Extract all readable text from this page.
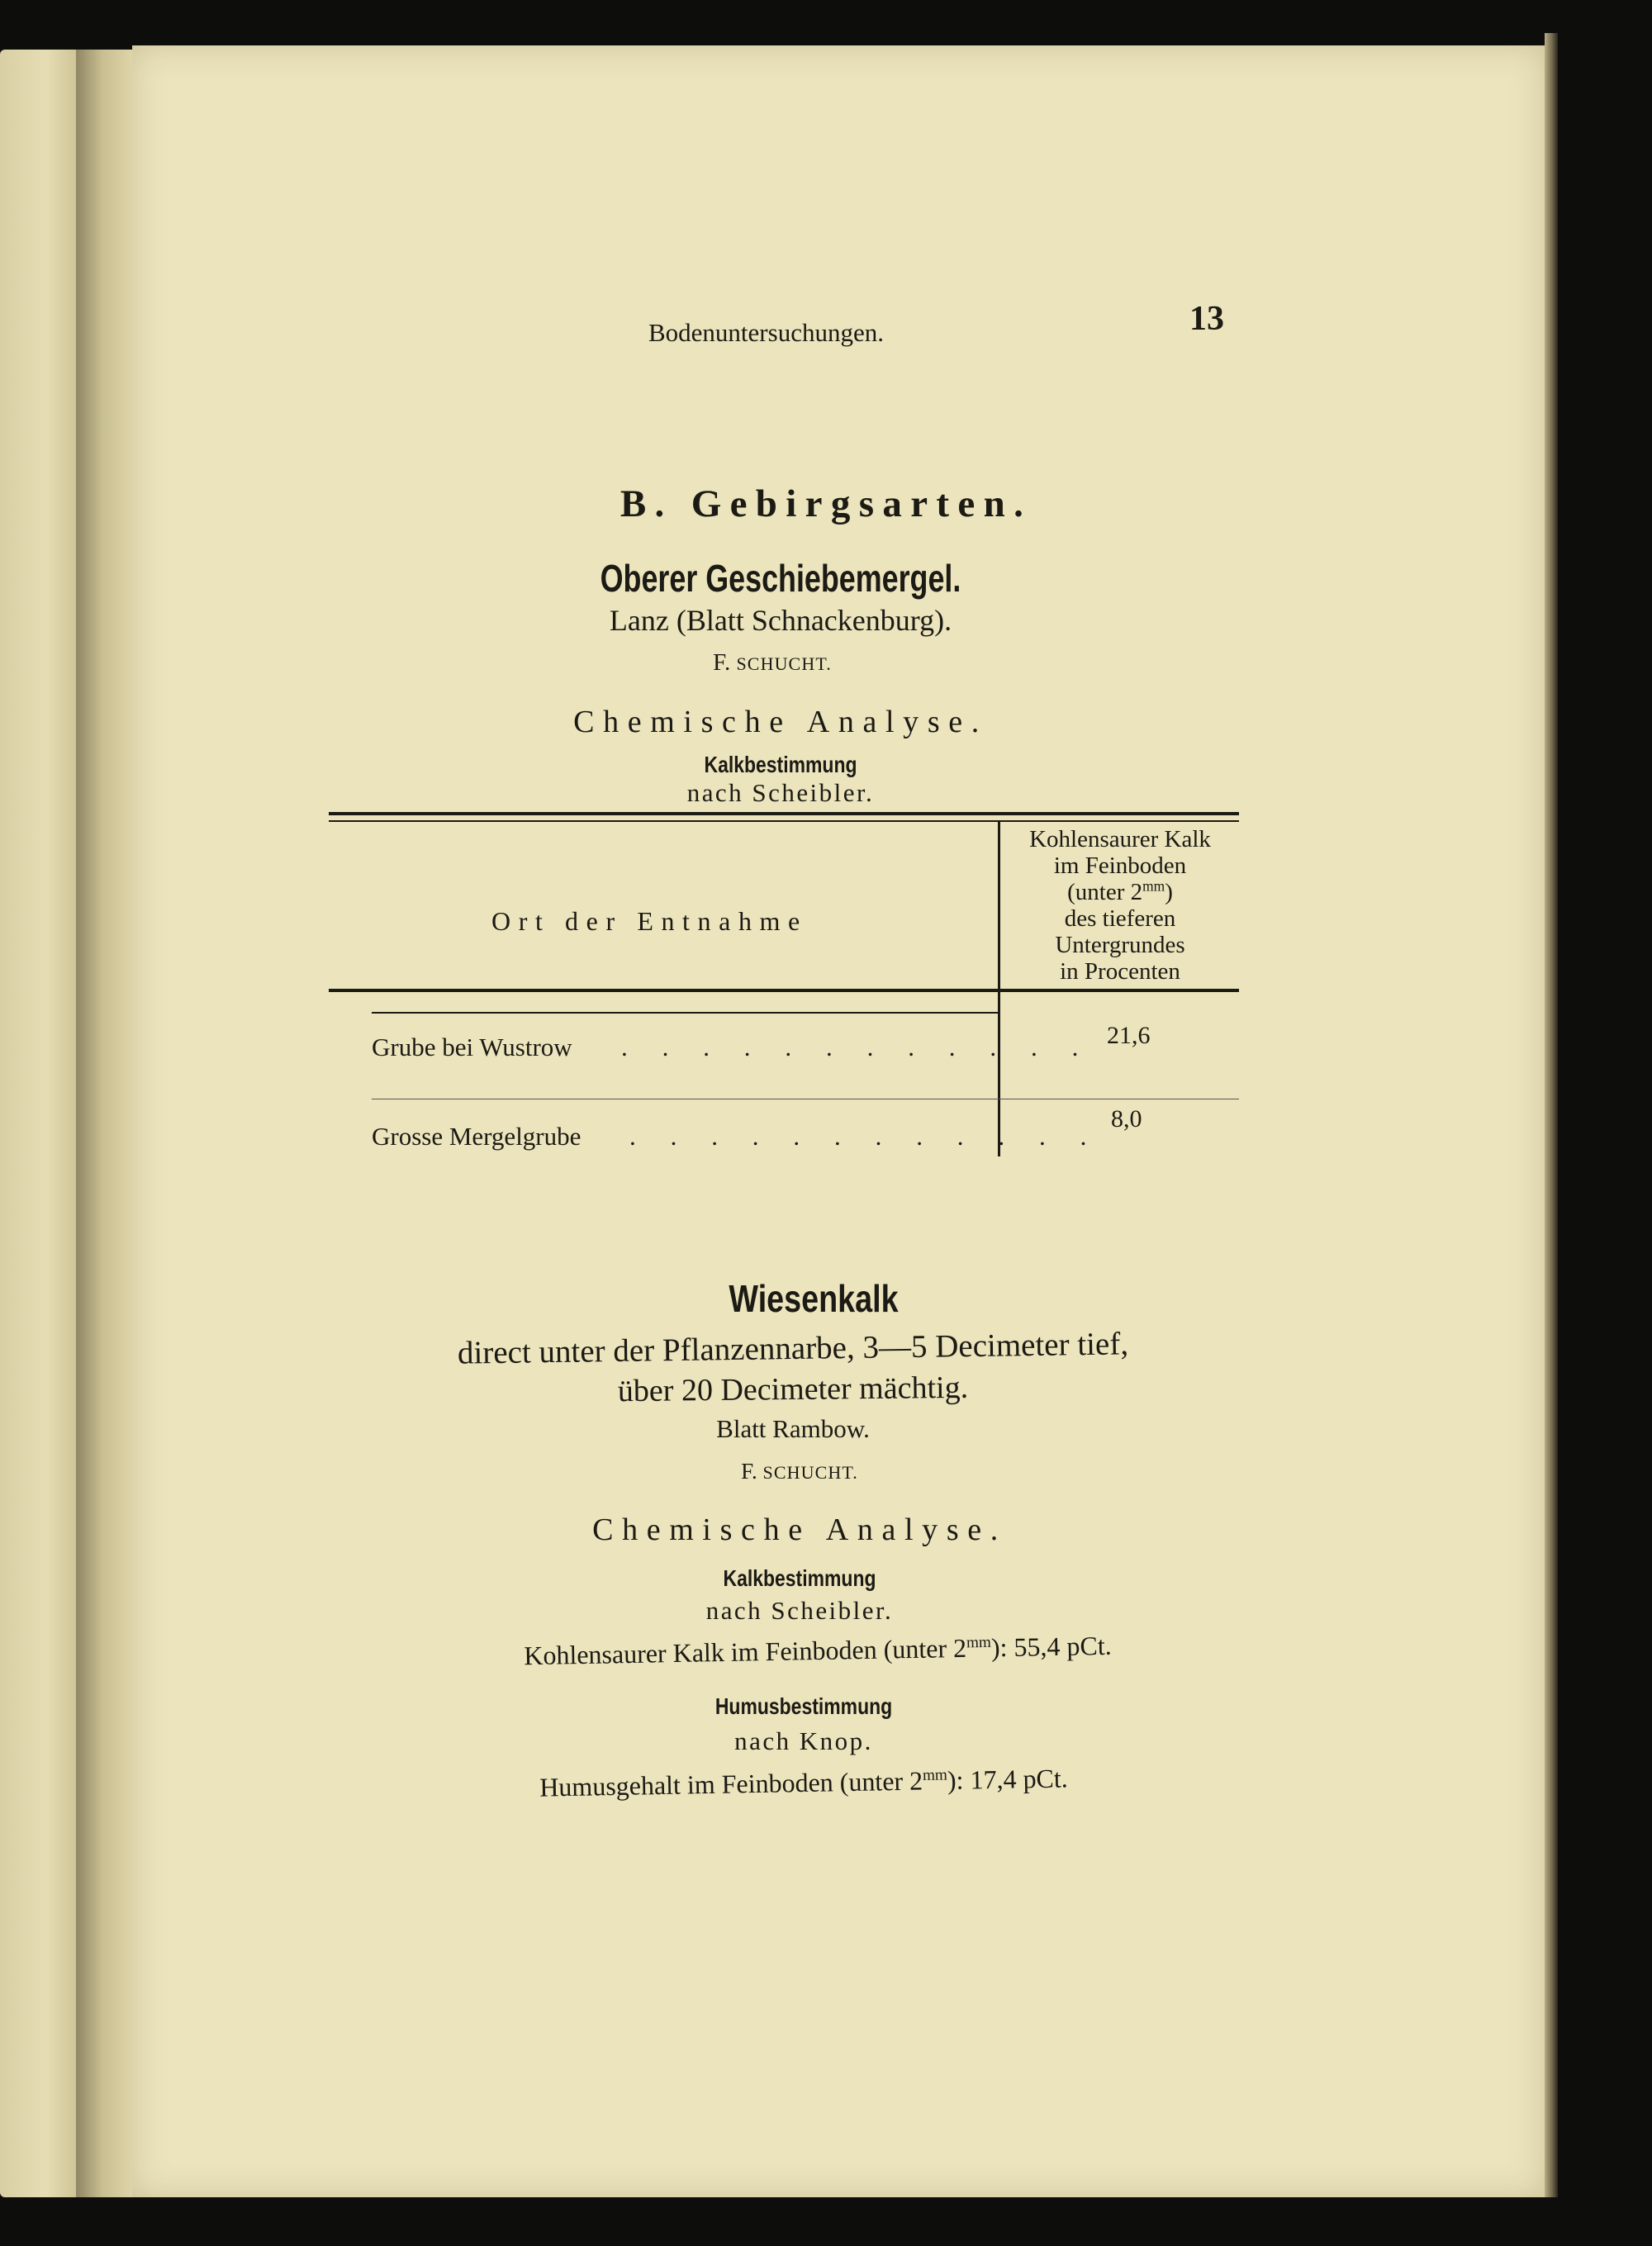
Bodenuntersuchungen.	13
B. Gebirgsarten.
Oberer Geschiebemergel.
Lanz (Blatt Schnackenburg).
F. SCHUCHT.
Chemische Analyse.
Kalkbestimmung
nach Scheibler.
Ort der Entnahme
Kohlensaurer Kalk
im Feinboden
(unter $2^{mm}$)
des tieferen
Untergrundes
in Procenten
Grube bei Wustrow . . . . . . . . . . . . 21,6
Grosse Mergelgrube . . . . . . . . . . . .
8,0
Wiesenkalk
direct unter der Pflanzennarbe, 3—5 Decimeter tief,
über 20 Decimeter mächtig.
Blatt Rambow.
F. SCHUCHT.
Chemische Analyse.
Kalkbestimmung
nach Scheibler.
Kohlensaurer Kalk im Feinboden (unter $2^{mm}$): 55,4 pCt.
Humusbestimmung
nach Knop.
Humusgehalt im Feinboden (unter $2^{mm}$): 17,4 pCt.
